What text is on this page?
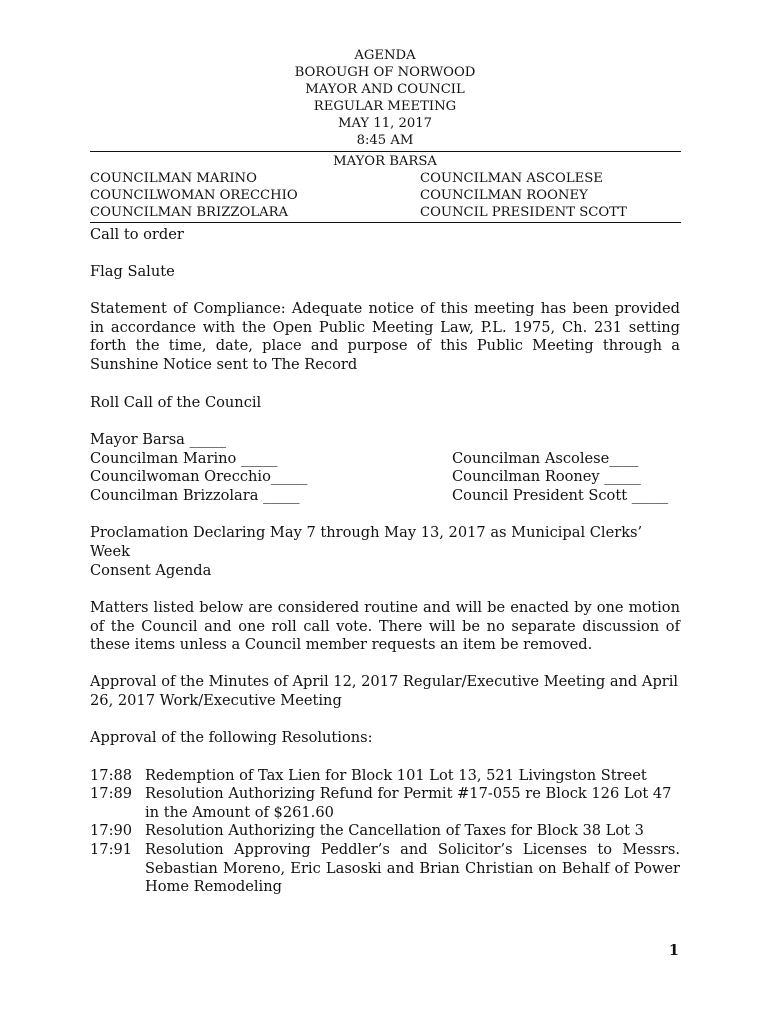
AGENDA
BOROUGH OF NORWOOD
MAYOR AND COUNCIL
REGULAR MEETING
MAY 11, 2017
8:45 AM
MAYOR BARSA
COUNCILMAN MARINO
COUNCILWOMAN ORECCHIO
COUNCILMAN BRIZZOLARA
COUNCILMAN ASCOLESE
COUNCILMAN ROONEY
COUNCIL PRESIDENT SCOTT
Call to order
Flag Salute
Statement of Compliance: Adequate notice of this meeting has been provided in accordance with the Open Public Meeting Law, P.L. 1975, Ch. 231 setting forth the time, date, place and purpose of this Public Meeting through a Sunshine Notice sent to The Record
Roll Call of the Council
Mayor Barsa _____
Councilman Marino _____
Councilwoman Orecchio_____
Councilman Brizzolara _____
Councilman Ascolese____
Councilman Rooney _____
Council President Scott _____
Proclamation Declaring May 7 through May 13, 2017 as Municipal Clerks’ Week
Consent Agenda
Matters listed below are considered routine and will be enacted by one motion of the Council and one roll call vote. There will be no separate discussion of these items unless a Council member requests an item be removed.
Approval of the Minutes of April 12, 2017 Regular/Executive Meeting and April 26, 2017 Work/Executive Meeting
Approval of the following Resolutions:
17:88 Redemption of Tax Lien for Block 101 Lot 13, 521 Livingston Street
17:89 Resolution Authorizing Refund for Permit #17-055 re Block 126 Lot 47
in the Amount of $261.60
17:90 Resolution Authorizing the Cancellation of Taxes for Block 38 Lot 3
17:91 Resolution Approving Peddler’s and Solicitor’s Licenses to Messrs. Sebastian Moreno, Eric Lasoski and Brian Christian on Behalf of Power Home Remodeling
1
